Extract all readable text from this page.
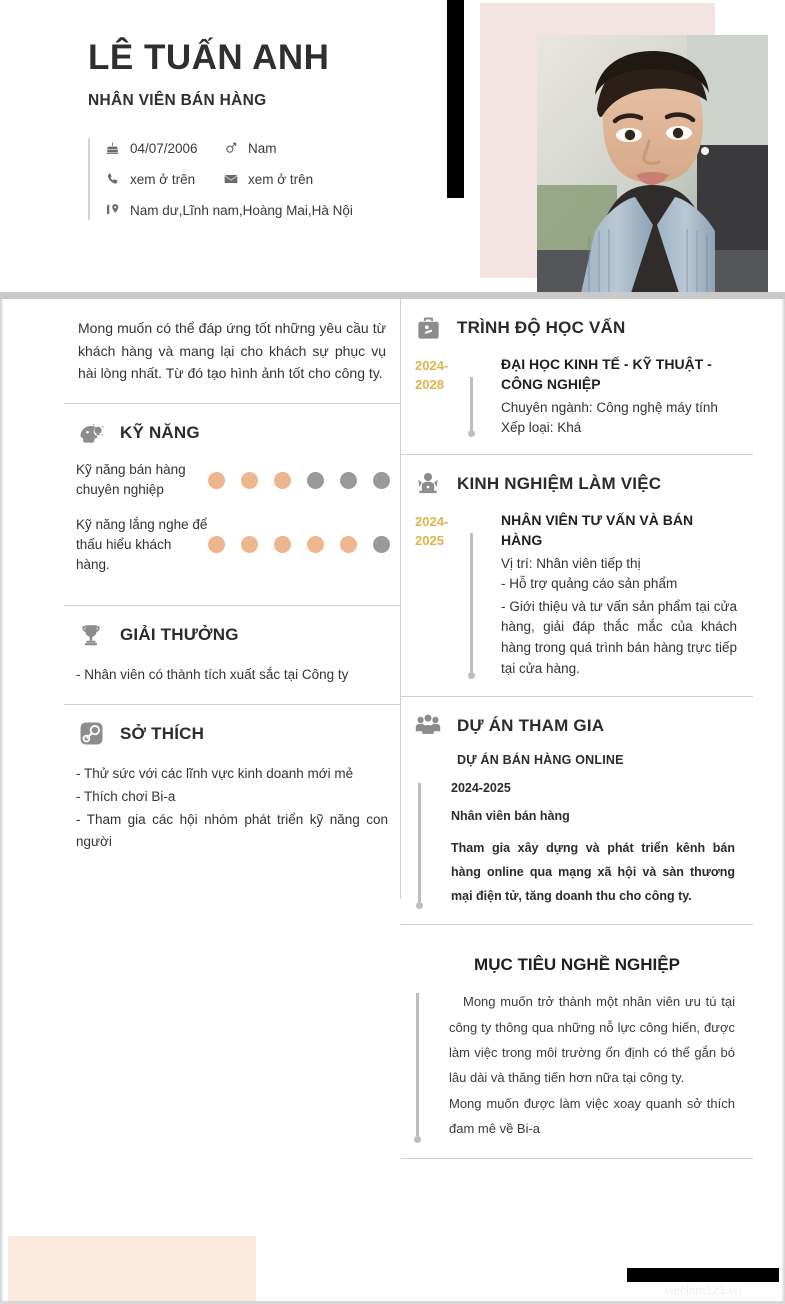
LÊ TUẤN ANH
NHÂN VIÊN BÁN HÀNG
04/07/2006	Nam
xem ở trên	xem ở trên
Nam dư,Lĩnh nam,Hoàng Mai,Hà Nội
Mong muốn có thể đáp ứng tốt những yêu cầu từ khách hàng và mang lại cho khách sự phục vụ hài lòng nhất. Từ đó tạo hình ảnh tốt cho công ty.
KỸ NĂNG
Kỹ năng bán hàng chuyên nghiệp
Kỹ năng lắng nghe để thấu hiểu khách hàng.
GIẢI THƯỞNG
- Nhân viên có thành tích xuất sắc tại Công ty
SỞ THÍCH
- Thử sức với các lĩnh vực kinh doanh mới mẻ
- Thích chơi Bi-a
- Tham gia các hội nhóm phát triển kỹ năng con người
TRÌNH ĐỘ HỌC VẤN
2024-2028
ĐẠI HỌC KINH TẾ - KỸ THUẬT - CÔNG NGHIỆP
Chuyên ngành: Công nghệ máy tính
Xếp loại: Khá
KINH NGHIỆM LÀM VIỆC
2024-2025
NHÂN VIÊN TƯ VẤN VÀ BÁN HÀNG
Vị trí: Nhân viên tiếp thị
- Hỗ trợ quảng cáo sản phẩm
- Giới thiệu và tư vấn sản phẩm tại cửa hàng, giải đáp thắc mắc của khách hàng trong quá trình bán hàng trực tiếp tại cửa hàng.
DỰ ÁN THAM GIA
DỰ ÁN BÁN HÀNG ONLINE
2024-2025
Nhân viên bán hàng
Tham gia xây dựng và phát triển kênh bán hàng online qua mạng xã hội và sàn thương mại điện tử, tăng doanh thu cho công ty.
MỤC TIÊU NGHỀ NGHIỆP
Mong muốn trở thành một nhân viên ưu tú tại công ty thông qua những nỗ lực công hiến, được làm việc trong môi trường ổn định có thể gắn bó lâu dài và thăng tiến hơn nữa tại công ty.
Mong muốn được làm việc xoay quanh sở thích đam mê về Bi-a
vieclam123.vn
